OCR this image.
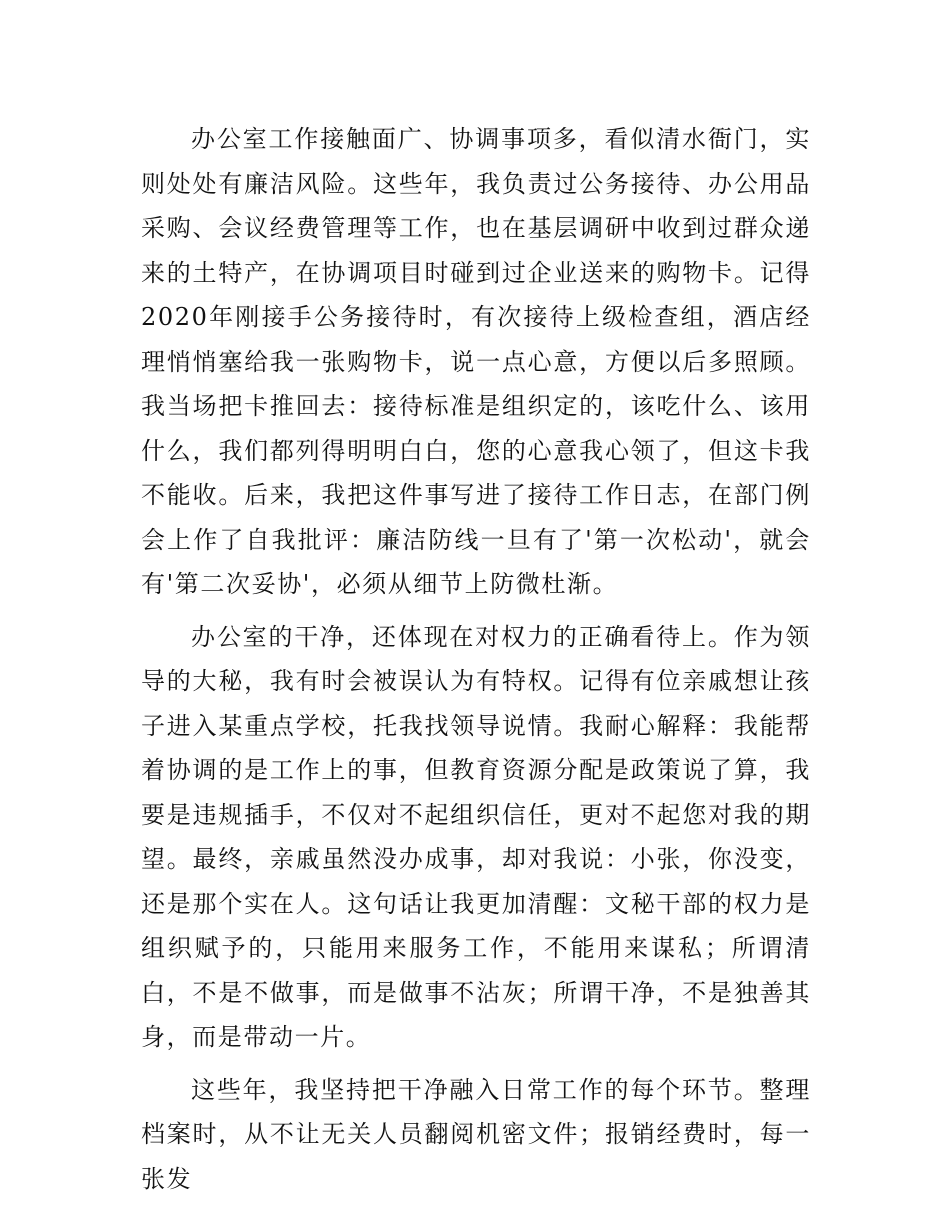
办公室工作接触面广、协调事项多，看似清水衙门，实则处处有廉洁风险。这些年，我负责过公务接待、办公用品采购、会议经费管理等工作，也在基层调研中收到过群众递来的土特产，在协调项目时碰到过企业送来的购物卡。记得2020年刚接手公务接待时，有次接待上级检查组，酒店经理悄悄塞给我一张购物卡，说一点心意，方便以后多照顾。我当场把卡推回去：接待标准是组织定的，该吃什么、该用什么，我们都列得明明白白，您的心意我心领了，但这卡我不能收。后来，我把这件事写进了接待工作日志，在部门例会上作了自我批评：廉洁防线一旦有了'第一次松动'，就会有'第二次妥协'，必须从细节上防微杜渐。

办公室的干净，还体现在对权力的正确看待上。作为领导的大秘，我有时会被误认为有特权。记得有位亲戚想让孩子进入某重点学校，托我找领导说情。我耐心解释：我能帮着协调的是工作上的事，但教育资源分配是政策说了算，我要是违规插手，不仅对不起组织信任，更对不起您对我的期望。最终，亲戚虽然没办成事，却对我说：小张，你没变，还是那个实在人。这句话让我更加清醒：文秘干部的权力是组织赋予的，只能用来服务工作，不能用来谋私；所谓清白，不是不做事，而是做事不沾灰；所谓干净，不是独善其身，而是带动一片。

这些年，我坚持把干净融入日常工作的每个环节。整理档案时，从不让无关人员翻阅机密文件；报销经费时，每一张发
